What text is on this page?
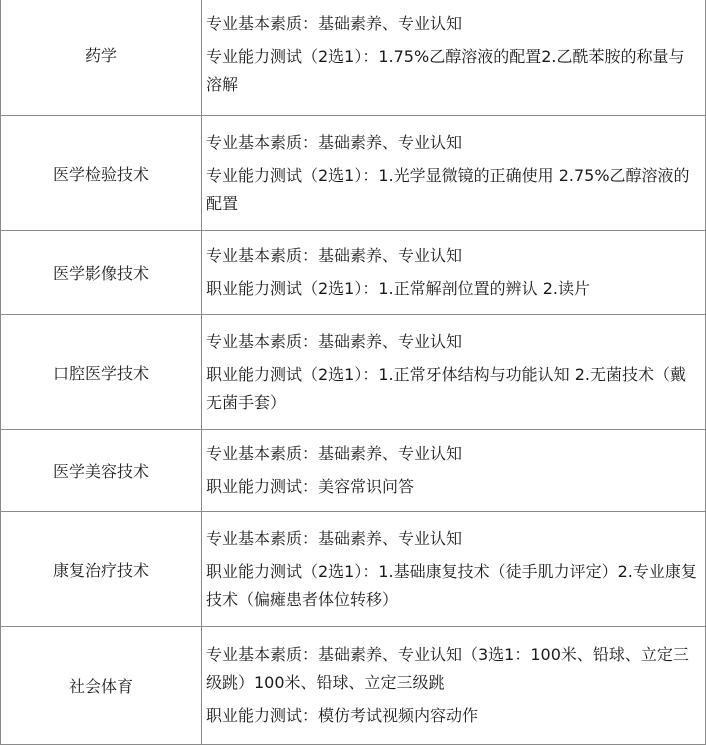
药学	专业基本素质：基础素养、专业认知
专业能力测试（2选1）：1.75%乙醇溶液的配置2.乙酰苯胺的称量与溶解

医学检验技术	专业基本素质：基础素养、专业认知
专业能力测试（2选1）：1.光学显微镜的正确使用 2.75%乙醇溶液的配置

医学影像技术	专业基本素质：基础素养、专业认知
职业能力测试（2选1）：1.正常解剖位置的辨认 2.读片

口腔医学技术	专业基本素质：基础素养、专业认知
职业能力测试（2选1）：1.正常牙体结构与功能认知 2.无菌技术（戴无菌手套）

医学美容技术	专业基本素质：基础素养、专业认知
职业能力测试：美容常识问答

康复治疗技术	专业基本素质：基础素养、专业认知
职业能力测试（2选1）：1.基础康复技术（徒手肌力评定）2.专业康复技术（偏瘫患者体位转移）

社会体育	专业基本素质：基础素养、专业认知（3选1：100米、铅球、立定三级跳）100米、铅球、立定三级跳
职业能力测试：模仿考试视频内容动作
